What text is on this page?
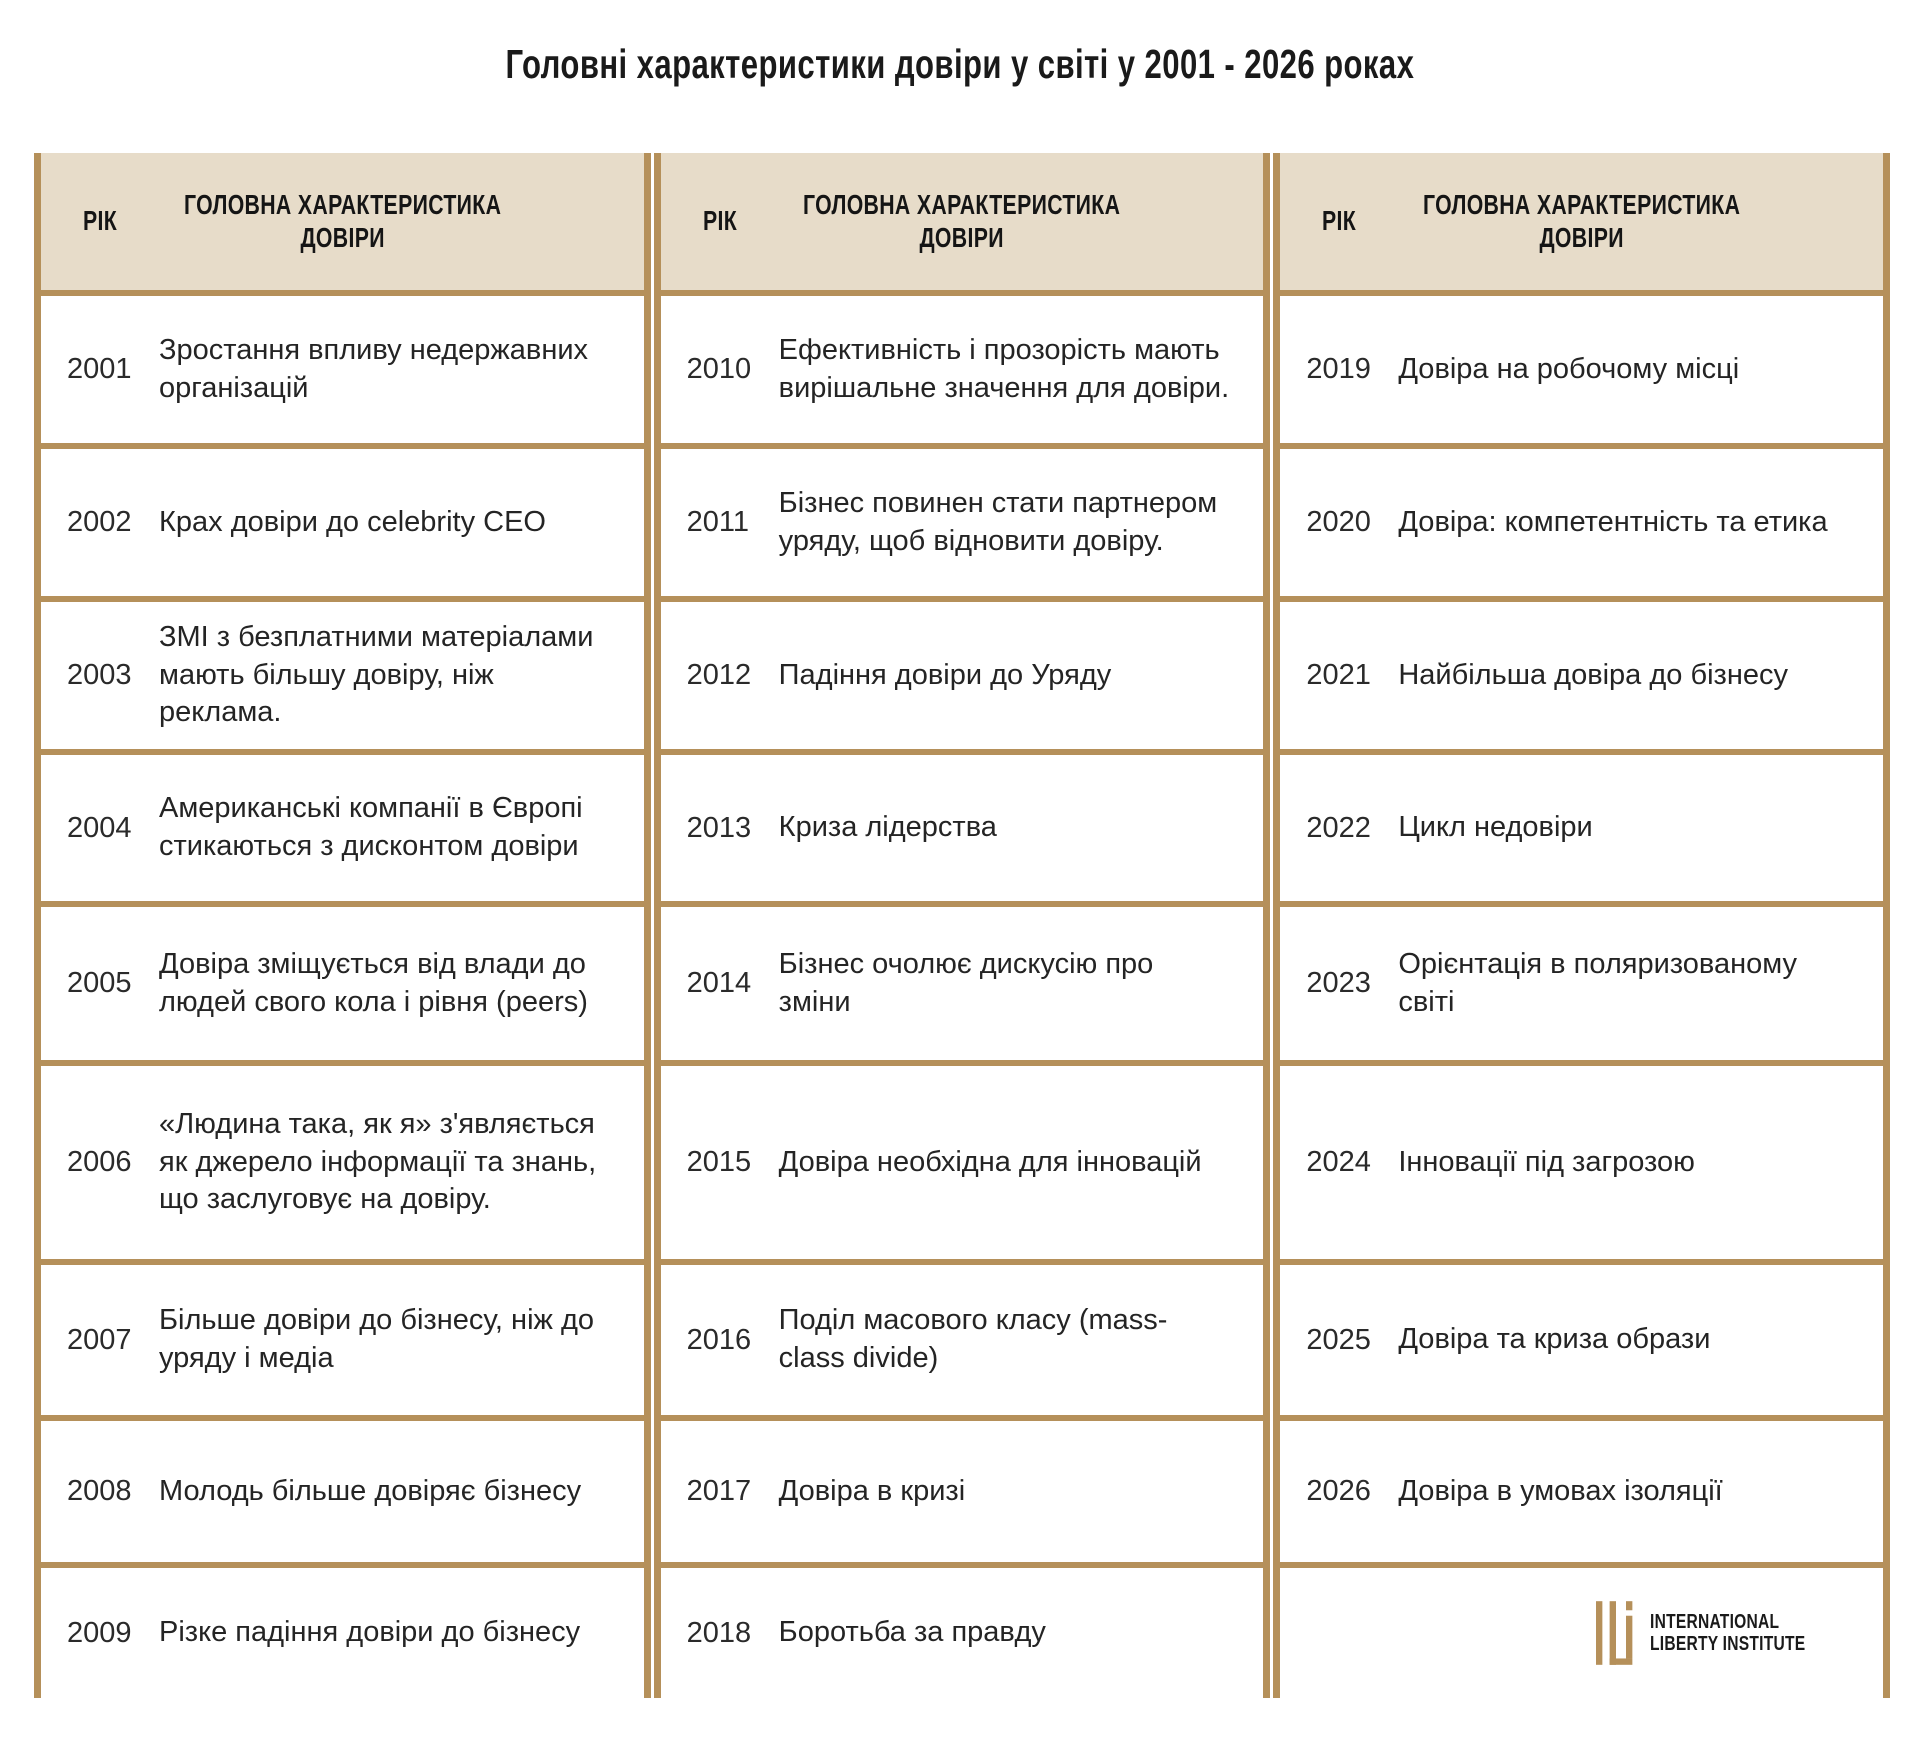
Головні характеристики довіри у світі у 2001 - 2026 роках
РІК
ГОЛОВНА ХАРАКТЕРИСТИКА
ДОВІРИ
2001
Зростання впливу недержавних організацій
2002 Крах довіри до celebrity CEO
2003
ЗМІ з безплатними матеріалами мають більшу довіру, ніж реклама.
2004
Американські компанії в Європі стикаються з дисконтом довіри
2005
Довіра зміщується від влади до людей свого кола і рівня (peers)
2006
«Людина така, як я» з'являється як джерело інформації та знань, що заслуговує на довіру.
2007
Більше довіри до бізнесу, ніж до уряду і медіа
2008 Молодь більше довіряє бізнесу
2009 Різке падіння довіри до бізнесу
РІК
ГОЛОВНА ХАРАКТЕРИСТИКА
ДОВІРИ
2010
Ефективність і прозорість мають вирішальне значення для довіри.
2011
Бізнес повинен стати партнером уряду, щоб відновити довіру.
2012 Падіння довіри до Уряду
2013 Криза лідерства
2014
Бізнес очолює дискусію про зміни
2015 Довіра необхідна для інновацій
2016
Поділ масового класу (mass-class divide)
2017 Довіра в кризі
2018 Боротьба за правду
РІК
ГОЛОВНА ХАРАКТЕРИСТИКА
ДОВІРИ
2019 Довіра на робочому місці
2020 Довіра: компетентність та етика
2021 Найбільша довіра до бізнесу
2022 Цикл недовіри
2023
Орієнтація в поляризованому світі
2024 Інновації під загрозою
2025 Довіра та криза образи
2026 Довіра в умовах ізоляції
INTERNATIONAL
LIBERTY INSTITUTE
